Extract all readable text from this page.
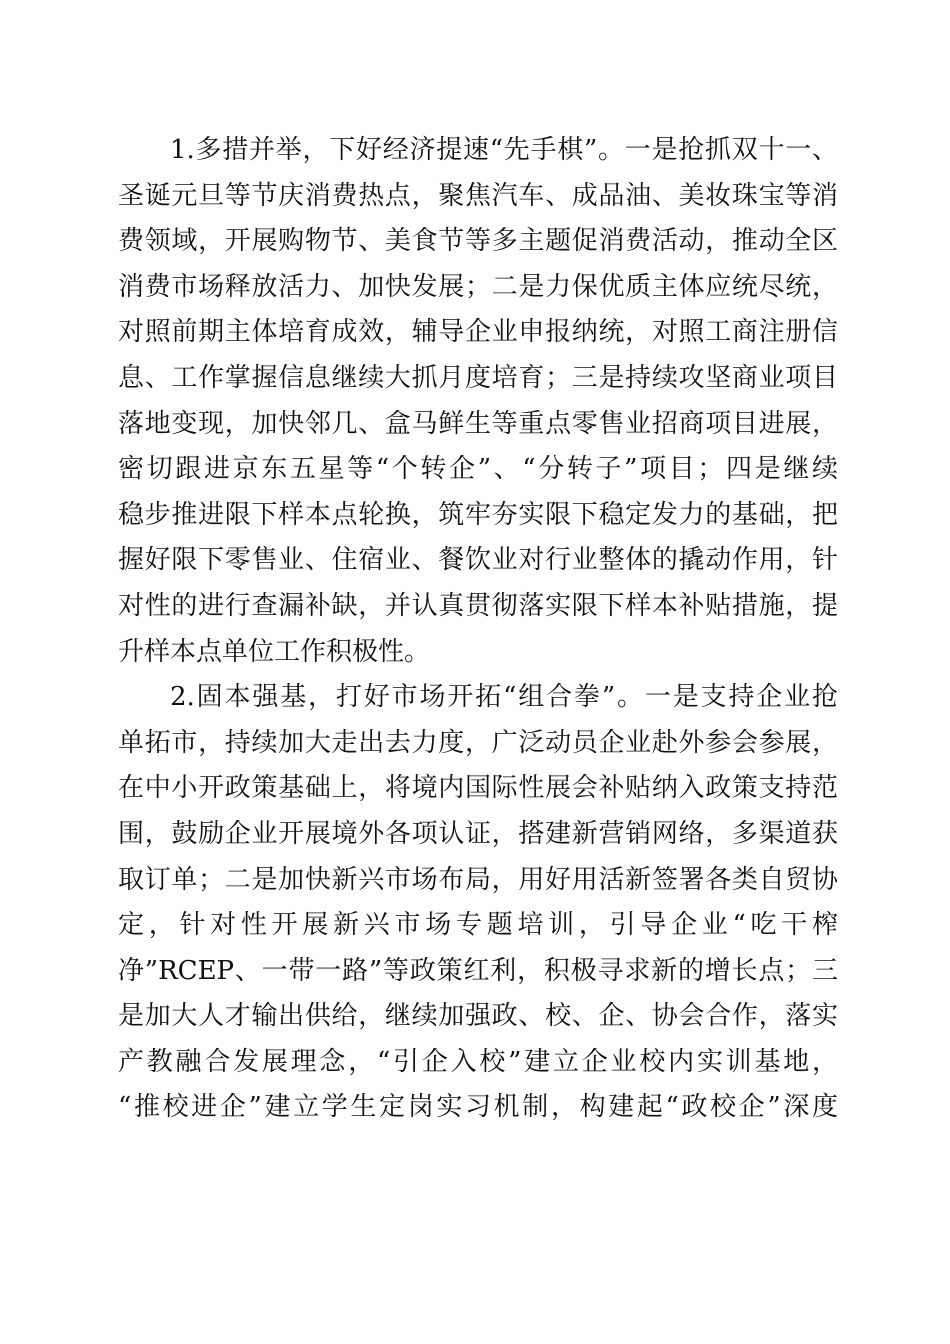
1.多措并举，下好经济提速“先手棋”。一是抢抓双十一、
圣诞元旦等节庆消费热点，聚焦汽车、成品油、美妆珠宝等消
费领域，开展购物节、美食节等多主题促消费活动，推动全区
消费市场释放活力、加快发展；二是力保优质主体应统尽统，
对照前期主体培育成效，辅导企业申报纳统，对照工商注册信
息、工作掌握信息继续大抓月度培育；三是持续攻坚商业项目
落地变现，加快邻几、盒马鲜生等重点零售业招商项目进展，
密切跟进京东五星等“个转企”、“分转子”项目；四是继续
稳步推进限下样本点轮换，筑牢夯实限下稳定发力的基础，把
握好限下零售业、住宿业、餐饮业对行业整体的撬动作用，针
对性的进行查漏补缺，并认真贯彻落实限下样本补贴措施，提
升样本点单位工作积极性。
2.固本强基，打好市场开拓“组合拳”。一是支持企业抢
单拓市，持续加大走出去力度，广泛动员企业赴外参会参展，
在中小开政策基础上，将境内国际性展会补贴纳入政策支持范
围，鼓励企业开展境外各项认证，搭建新营销网络，多渠道获
取订单；二是加快新兴市场布局，用好用活新签署各类自贸协
定，针对性开展新兴市场专题培训，引导企业“吃干榨
净”RCEP、一带一路”等政策红利，积极寻求新的增长点；三
是加大人才输出供给，继续加强政、校、企、协会合作，落实
产教融合发展理念，“引企入校”建立企业校内实训基地，
“推校进企”建立学生定岗实习机制，构建起“政校企”深度
